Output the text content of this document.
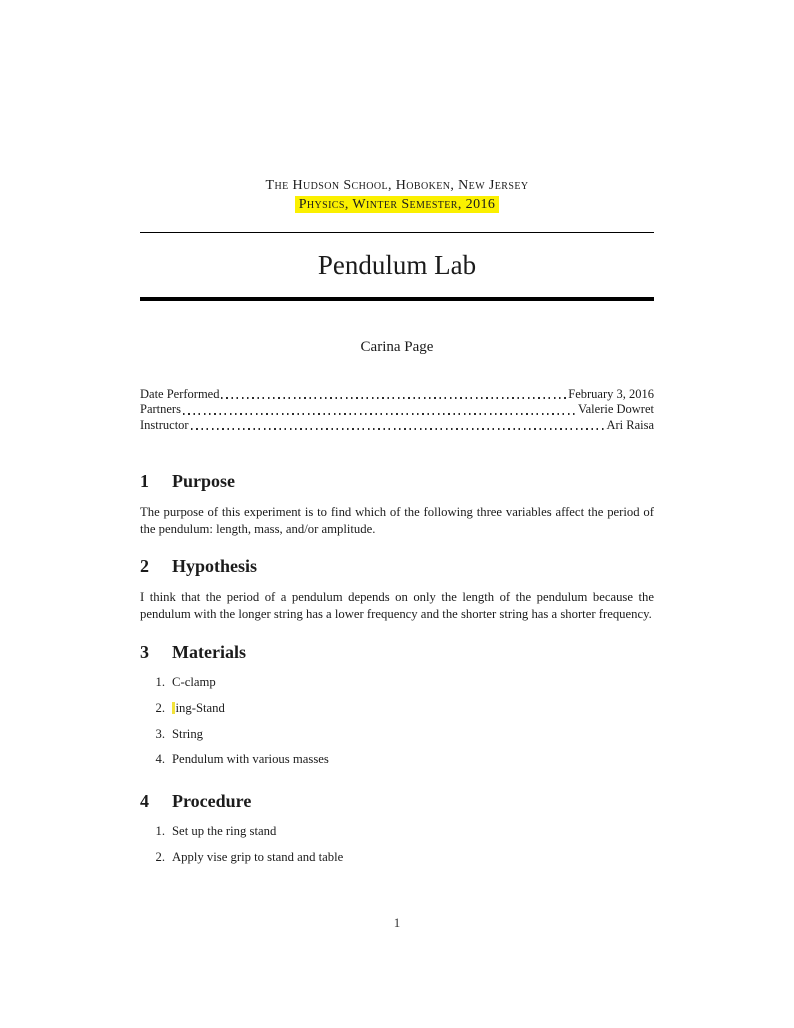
The Hudson School, Hoboken, New Jersey
Physics, Winter Semester, 2016
Pendulum Lab
Carina Page
Date Performed	February 3, 2016
Partners	Valerie Dowret
Instructor	Ari Raisa
1 Purpose

The purpose of this experiment is to find which of the following three variables affect the period of the pendulum: length, mass, and/or amplitude.

2 Hypothesis

I think that the period of a pendulum depends on only the length of the pendulum because the pendulum with the longer string has a lower frequency and the shorter string has a shorter frequency.

3 Materials
1. C-clamp
2. ing-Stand
3. String
4. Pendulum with various masses
4 Procedure
1. Set up the ring stand
2. Apply vise grip to stand and table
1
